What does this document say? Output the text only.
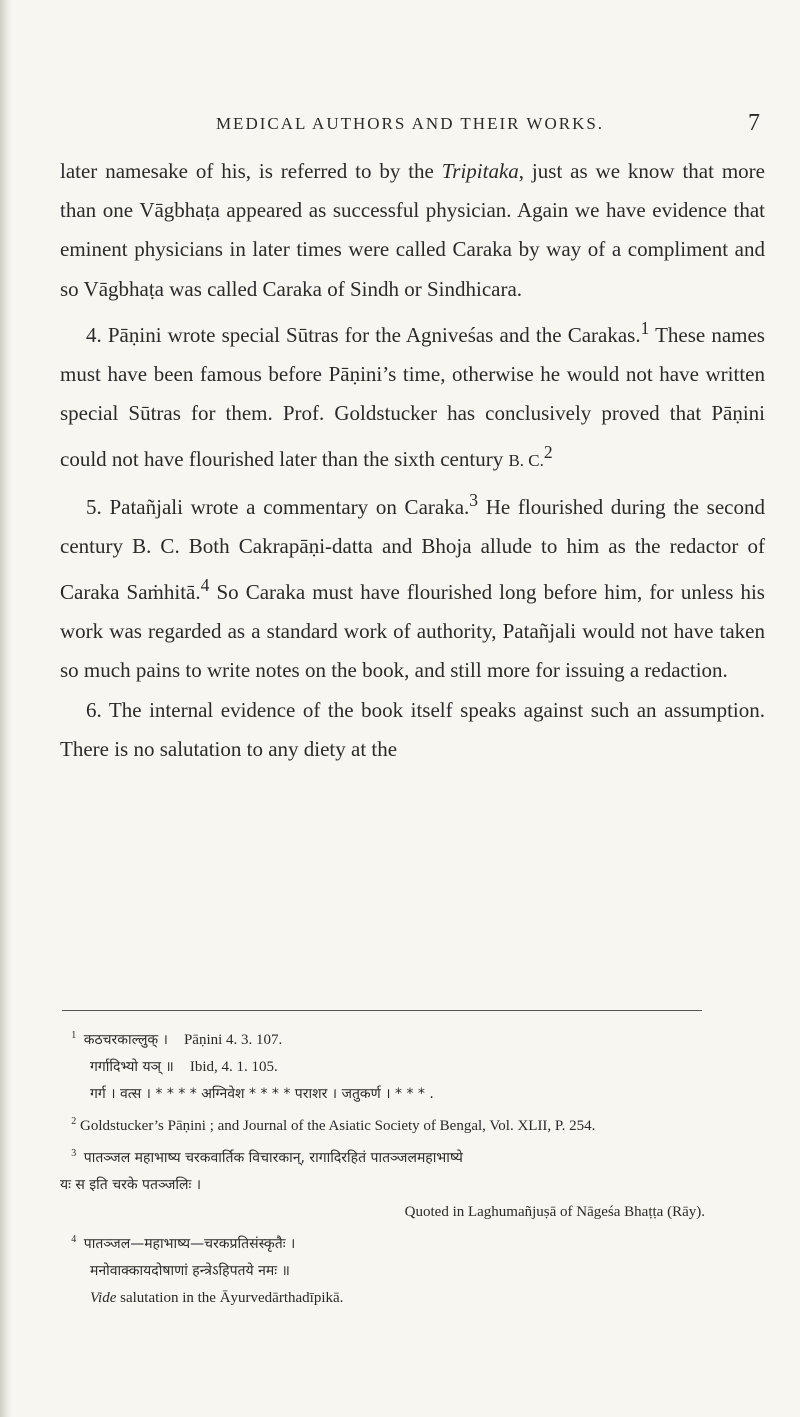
MEDICAL AUTHORS AND THEIR WORKS.	7

later namesake of his, is referred to by the Tripitaka, just as we know that more than one Vāgbhaṭa appeared as successful physician. Again we have evidence that eminent physicians in later times were called Caraka by way of a compliment and so Vāgbhaṭa was called Caraka of Sindh or Sindhicara.

4. Pāṇini wrote special Sūtras for the Agniveśas and the Carakas.$^1$ These names must have been famous before Pāṇini’s time, otherwise he would not have written special Sūtras for them. Prof. Goldstucker has conclusively proved that Pāṇini could not have flourished later than the sixth century B. C.$^2$

5. Patañjali wrote a commentary on Caraka.$^3$ He flourished during the second century B. C. Both Cakrapāṇi-datta and Bhoja allude to him as the redactor of Caraka Saṁhitā.$^4$ So Caraka must have flourished long before him, for unless his work was regarded as a standard work of authority, Patañjali would not have taken so much pains to write notes on the book, and still more for issuing a redaction.

6. The internal evidence of the book itself speaks against such an assumption. There is no salutation to any diety at the

$^1$ कठचरकाल्लुक् । Pāṇini 4. 3. 107.

गर्गादिभ्यो यञ् ॥ Ibid, 4. 1. 105.

गर्ग । वत्स । * * * * अग्निवेश * * * * पराशर । जतुकर्ण । * * * .

$^2$ Goldstucker’s Pāṇini ; and Journal of the Asiatic Society of Bengal, Vol. XLII, P. 254.

$^3$ पातञ्जल महाभाष्य चरकवार्तिक विचारकान्, रागादिरहितं पातञ्जलमहाभाष्ये

यः स इति चरके पतञ्जलिः ।

Quoted in Laghumañjuṣā of Nāgeśa Bhaṭṭa (Rāy).

$^4$ पातञ्जल—महाभाष्य—चरकप्रतिसंस्कृतैः ।

मनोवाक्कायदोषाणां हन्त्रेऽहिपतये नमः ॥

Vide salutation in the Āyurvedārthadīpikā.
